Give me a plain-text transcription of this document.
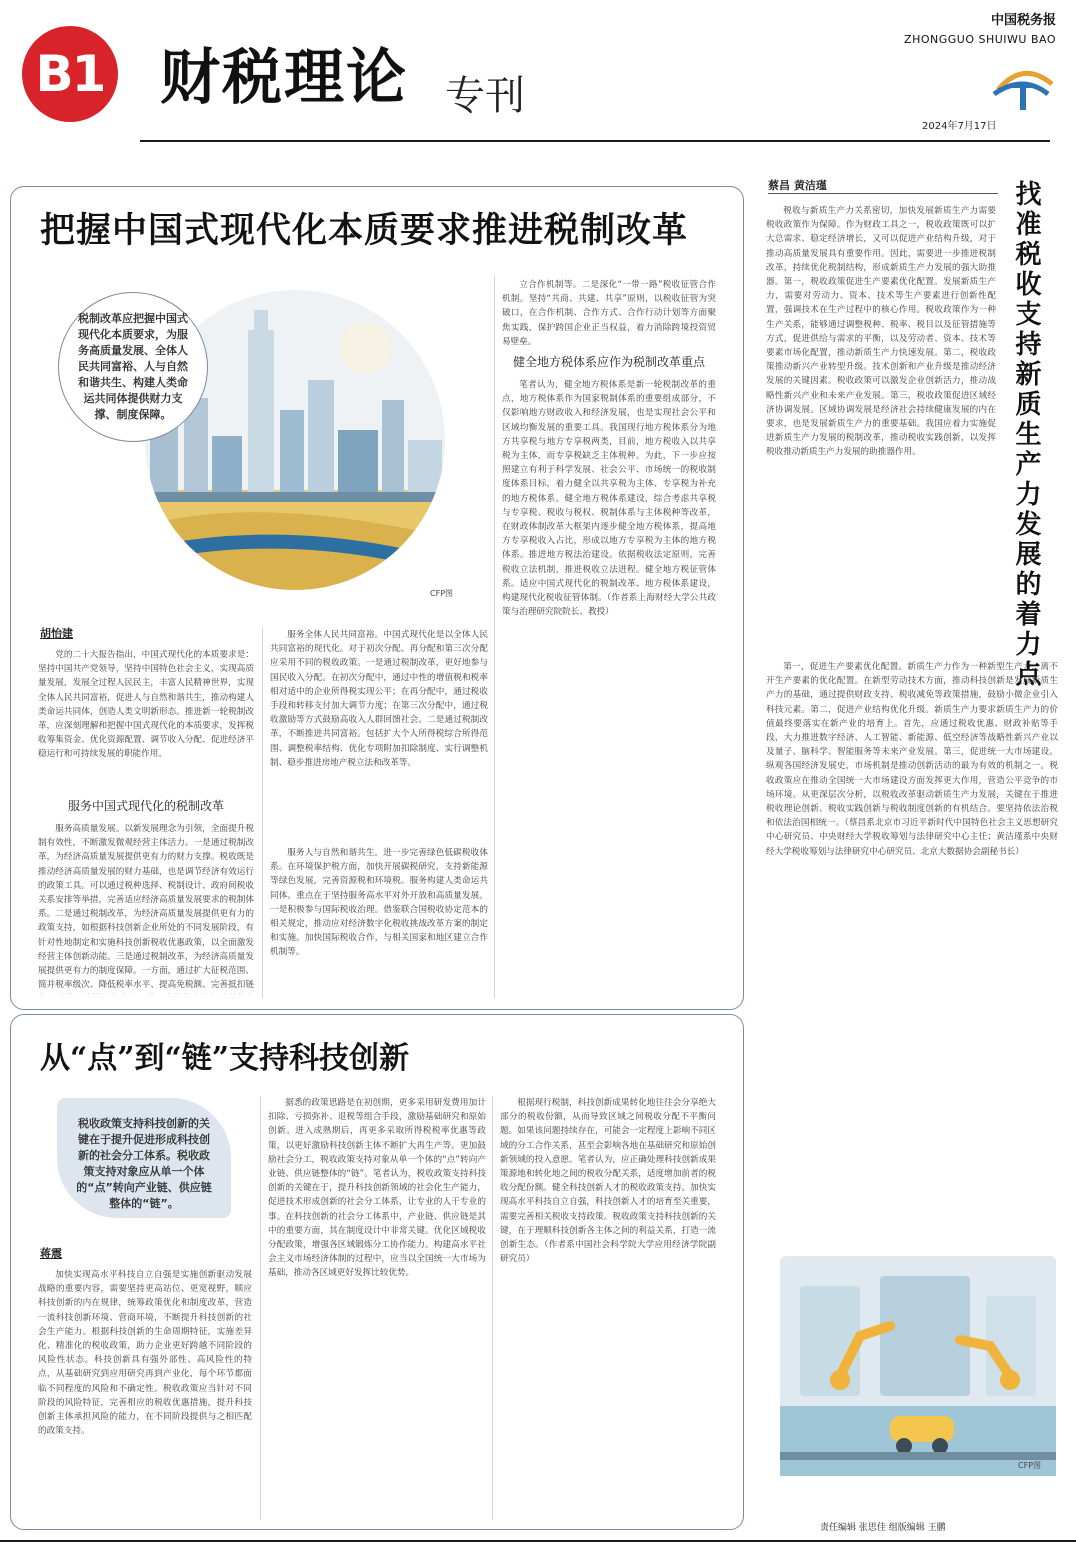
B1 财税理论 专刊
中国税务报
ZHONGGUO SHUIWU BAO
2024年7月17日
把握中国式现代化本质要求推进税制改革
税制改革应把握中国式现代化本质要求，为服务高质量发展、全体人民共同富裕、人与自然和谐共生、构建人类命运共同体提供财力支撑、制度保障。
CFP图
胡怡建

党的二十大报告指出，中国式现代化的本质要求是：坚持中国共产党领导，坚持中国特色社会主义，实现高质量发展，发展全过程人民民主，丰富人民精神世界，实现全体人民共同富裕，促进人与自然和谐共生，推动构建人类命运共同体，创造人类文明新形态。推进新一轮税制改革，应深刻理解和把握中国式现代化的本质要求，发挥税收筹集资金、优化资源配置、调节收入分配、促进经济平稳运行和可持续发展的职能作用。

服务中国式现代化的税制改革

服务高质量发展。以新发展理念为引领，全面提升税制有效性，不断激发微观经营主体活力。一是通过税制改革，为经济高质量发展提供更有力的财力支撑。税收既是推动经济高质量发展的财力基础，也是调节经济有效运行的政策工具。可以通过税种选择、税制设计、政府间税收关系安排等举措，完善适应经济高质量发展要求的税制体系。二是通过税制改革，为经济高质量发展提供更有力的政策支持，如根据科技创新企业所处的不同发展阶段，有针对性地制定和实施科技创新税收优惠政策，以全面激发经营主体创新动能。三是通过税制改革，为经济高质量发展提供更有力的制度保障。一方面，通过扩大征税范围、简并税率级次、降低税率水平、提高免税额、完善抵扣链

服务全体人民共同富裕。中国式现代化是以全体人民共同富裕的现代化。对于初次分配、再分配和第三次分配应采用不同的税收政策。一是通过税制改革，更好地参与国民收入分配。在初次分配中，通过中性的增值税和税率相对适中的企业所得税实现公平；在再分配中，通过税收手段和转移支付加大调节力度；在第三次分配中，通过税收激励等方式鼓励高收入人群回馈社会。二是通过税制改革，不断推进共同富裕。包括扩大个人所得税综合所得范围、调整税率结构、优化专项附加扣除制度、实行调整机制、稳步推进房地产税立法和改革等。

服务人与自然和谐共生。进一步完善绿色低碳税收体系。在环境保护税方面，加快开展碳税研究，支持新能源等绿色发展，完善资源税和环境税。服务构建人类命运共同体。重点在于坚持服务高水平对外开放和高质量发展。一是积极参与国际税收治理。借鉴联合国税收协定范本的相关规定，推动应对经济数字化税收挑战改革方案的制定和实施。加快国际税收合作，与相关国家和地区建立合作机制等。

立合作机制等。二是深化“一带一路”税收征管合作机制。坚持“共商、共建、共享”原则，以税收征管为突破口，在合作机制、合作方式、合作行动计划等方面聚焦实践，保护跨国企业正当权益，着力消除跨境投资贸易壁垒。

健全地方税体系应作为税制改革重点

笔者认为，健全地方税体系是新一轮税制改革的重点，地方税体系作为国家税制体系的重要组成部分，不仅影响地方财政收入和经济发展，也是实现社会公平和区域均衡发展的重要工具。我国现行地方税体系分为地方共享税与地方专享税两类，目前，地方税收入以共享税为主体，而专享税缺乏主体税种。为此，下一步应按照建立有利于科学发展、社会公平、市场统一的税收制度体系目标，着力健全以共享税为主体、专享税为补充的地方税体系。健全地方税体系建设，综合考虑共享税与专享税、税收与税权、税制体系与主体税种等改革，在财政体制改革大框架内逐步健全地方税体系，提高地方专享税收入占比，形成以地方专享税为主体的地方税体系。推进地方税法治建设。依据税收法定原则，完善税收立法机制，推进税收立法进程。健全地方税征管体系。适应中国式现代化的税制改革、地方税体系建设，构建现代化税收征管体制。（作者系上海财经大学公共政策与治理研究院院长、教授）

从“点”到“链”支持科技创新
税收政策支持科技创新的关键在于提升促进形成科技创新的社会分工体系。税收政策支持对象应从单一个体的“点”转向产业链、供应链整体的“链”。
蒋震

加快实现高水平科技自立自强是实施创新驱动发展战略的重要内容，需要坚持更高站位、更宽视野，顺应科技创新的内在规律，统筹政策优化和制度改革，营造一流科技创新环境、营商环境，不断提升科技创新的社会生产能力。根据科技创新的生命周期特征，实施差异化、精准化的税收政策，助力企业更好跨越不同阶段的风险性状态。科技创新具有强外部性、高风险性的特点，从基础研究到应用研究再到产业化，每个环节都面临不同程度的风险和不确定性。税收政策应当针对不同阶段的风险特征，完善相应的税收优惠措施，提升科技创新主体承担风险的能力，在不同阶段提供与之相匹配的政策支持。

据悉的政策思路是在初创期，更多采用研发费用加计扣除、亏损弥补、退税等组合手段，激励基础研究和原始创新。进入成熟期后，再更多采取所得税税率优惠等政策，以更好激励科技创新主体不断扩大再生产等。更加鼓励社会分工，税收政策支持对象从单一个体的“点”转向产业链、供应链整体的“链”。笔者认为，税收政策支持科技创新的关键在于，提升科技创新领域的社会化生产能力，促进技术形成创新的社会分工体系，让专业的人干专业的事。在科技创新的社会分工体系中，产业链、供应链是其中的重要方面，其在制度设计中非常关键。优化区域税收分配政策，增强各区域锻炼分工协作能力。构建高水平社会主义市场经济体制的过程中，应当以全国统一大市场为基础，推动各区域更好发挥比较优势。

根据现行税制，科技创新成果转化地往往会分享绝大部分的税收份额，从而导致区域之间税收分配不平衡问题。如果该问题持续存在，可能会一定程度上影响不同区域的分工合作关系，甚至会影响各地在基础研究和原始创新领域的投入意愿。笔者认为，应正确处理科技创新成果策源地和转化地之间的税收分配关系，适度增加前者的税收分配份额。健全科技创新人才的税收政策支持。加快实现高水平科技自立自强，科技创新人才的培育至关重要，需要完善相关税收支持政策。税收政策支持科技创新的关键，在于理顺科技创新各主体之间的利益关系，打造一流创新生态。（作者系中国社会科学院大学应用经济学院副研究员）

蔡昌 黄洁瑾	找准税收支持新质生产力发展的着力点

税收与新质生产力关系密切，加快发展新质生产力需要税收政策作为保障。作为财政工具之一，税收政策既可以扩大总需求、稳定经济增长，又可以促进产业结构升级，对于推动高质量发展具有重要作用。因此，需要进一步推进税制改革，持续优化税制结构，形成新质生产力发展的强大助推器。第一，税收政策促进生产要素优化配置。发展新质生产力，需要对劳动力、资本、技术等生产要素进行创新性配置，强调技术在生产过程中的核心作用。税收政策作为一种生产关系，能够通过调整税种、税率、税目以及征管措施等方式，促进供给与需求的平衡，以及劳动者、资本、技术等要素市场化配置，推动新质生产力快速发展。第二，税收政策推动新兴产业转型升级。技术创新和产业升级是推动经济发展的关键因素。税收政策可以激发企业创新活力，推动战略性新兴产业和未来产业发展。第三，税收政策促进区域经济协调发展。区域协调发展是经济社会持续健康发展的内在要求，也是发展新质生产力的重要基础。我国应着力实施促进新质生产力发展的税制改革，推动税收实践创新，以发挥税收推动新质生产力发展的助推器作用。

第一，促进生产要素优化配置。新质生产力作为一种新型生产力，离不开生产要素的优化配置。在新型劳动技术方面，推动科技创新是发展新质生产力的基础，通过提供财政支持、税收减免等政策措施，鼓励小微企业引入科技元素。第二，促进产业结构优化升级。新质生产力要求新质生产力的价值最终要落实在新产业的培育上。首先，应通过税收优惠、财政补贴等手段，大力推进数字经济、人工智能、新能源、低空经济等战略性新兴产业以及量子、脑科学、智能服务等未来产业发展。第三，促进统一大市场建设。纵观各国经济发展史，市场机制是推动创新活动的最为有效的机制之一。税收政策应在推动全国统一大市场建设方面发挥更大作用，营造公平竞争的市场环境。从更深层次分析，以税收改革驱动新质生产力发展，关键在于推进税收理论创新、税收实践创新与税收制度创新的有机结合。要坚持依法治税和依法治国相统一。（蔡昌系北京市习近平新时代中国特色社会主义思想研究中心研究员、中央财经大学税收筹划与法律研究中心主任；黄洁瑾系中央财经大学税收筹划与法律研究中心研究员、北京大数据协会副秘书长）

CFP图
责任编辑 张思佳 组版编辑 王鹏
